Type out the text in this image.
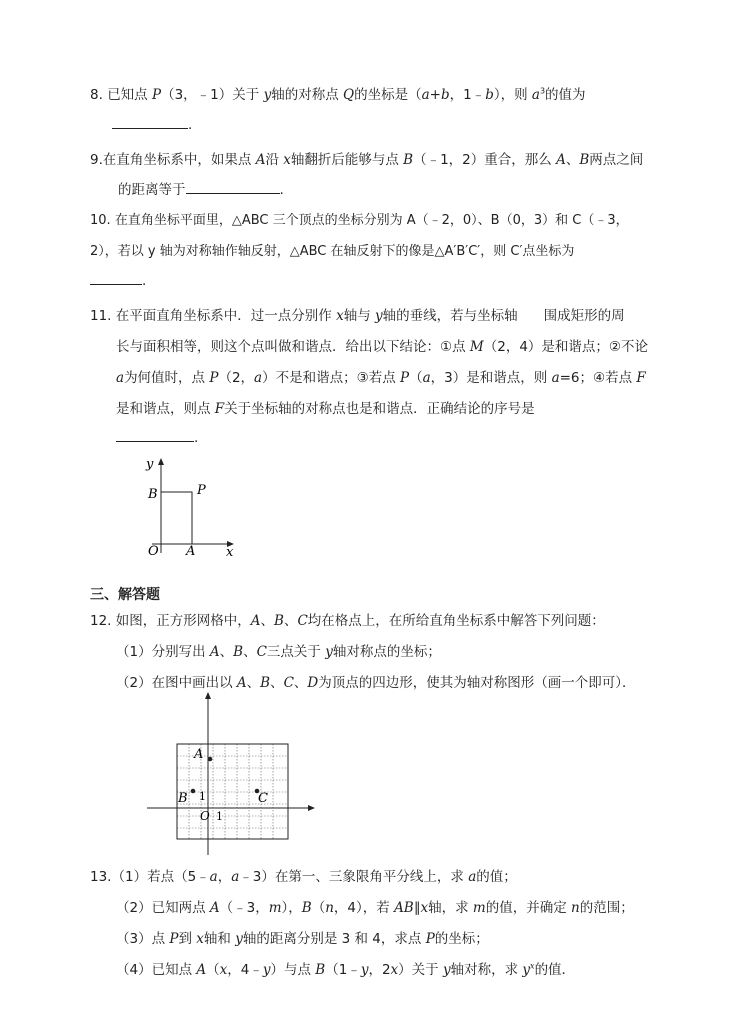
8. 已知点 P（3，﹣1）关于 y轴的对称点 Q的坐标是（a+b，1﹣b），则 $a^3$的值为
.
9.在直角坐标系中，如果点 A沿 x轴翻折后能够与点 B（﹣1，2）重合，那么 A、B两点之间
的距离等于	.
10. 在直角坐标平面里，△ABC 三个顶点的坐标分别为 A（﹣2，0）、B（0，3）和 C（﹣3，
2），若以 y 轴为对称轴作轴反射，△ABC 在轴反射下的像是△A′B′C′，则 C′点坐标为
.
11. 在平面直角坐标系中．过一点分别作 x轴与 y轴的垂线，若与坐标轴 围成矩形的周
长与面积相等，则这个点叫做和谐点．给出以下结论：①点 M（2，4）是和谐点；②不论
a为何值时，点 P（2，a）不是和谐点；③若点 P（a，3）是和谐点，则 a=6；④若点 F
是和谐点，则点 F关于坐标轴的对称点也是和谐点．正确结论的序号是
.
y
x
O A
B	P
三、解答题
12. 如图，正方形网格中，A、B、C均在格点上，在所给直角坐标系中解答下列问题：
（1）分别写出 A、B、C三点关于 y轴对称点的坐标；
（2）在图中画出以 A、B、C、D为顶点的四边形，使其为轴对称图形（画一个即可）．
A
B	C
O 1
1
13.（1）若点（5﹣a，a﹣3）在第一、三象限角平分线上，求 a的值；
（2）已知两点 A（﹣3，m），B（n，4），若 AB∥x轴，求 m的值，并确定 n的范围；
（3）点 P到 x轴和 y轴的距离分别是 3 和 4，求点 P的坐标；
（4）已知点 A（x，4﹣y）与点 B（1﹣y，2x）关于 y轴对称，求 $y^x$的值．
